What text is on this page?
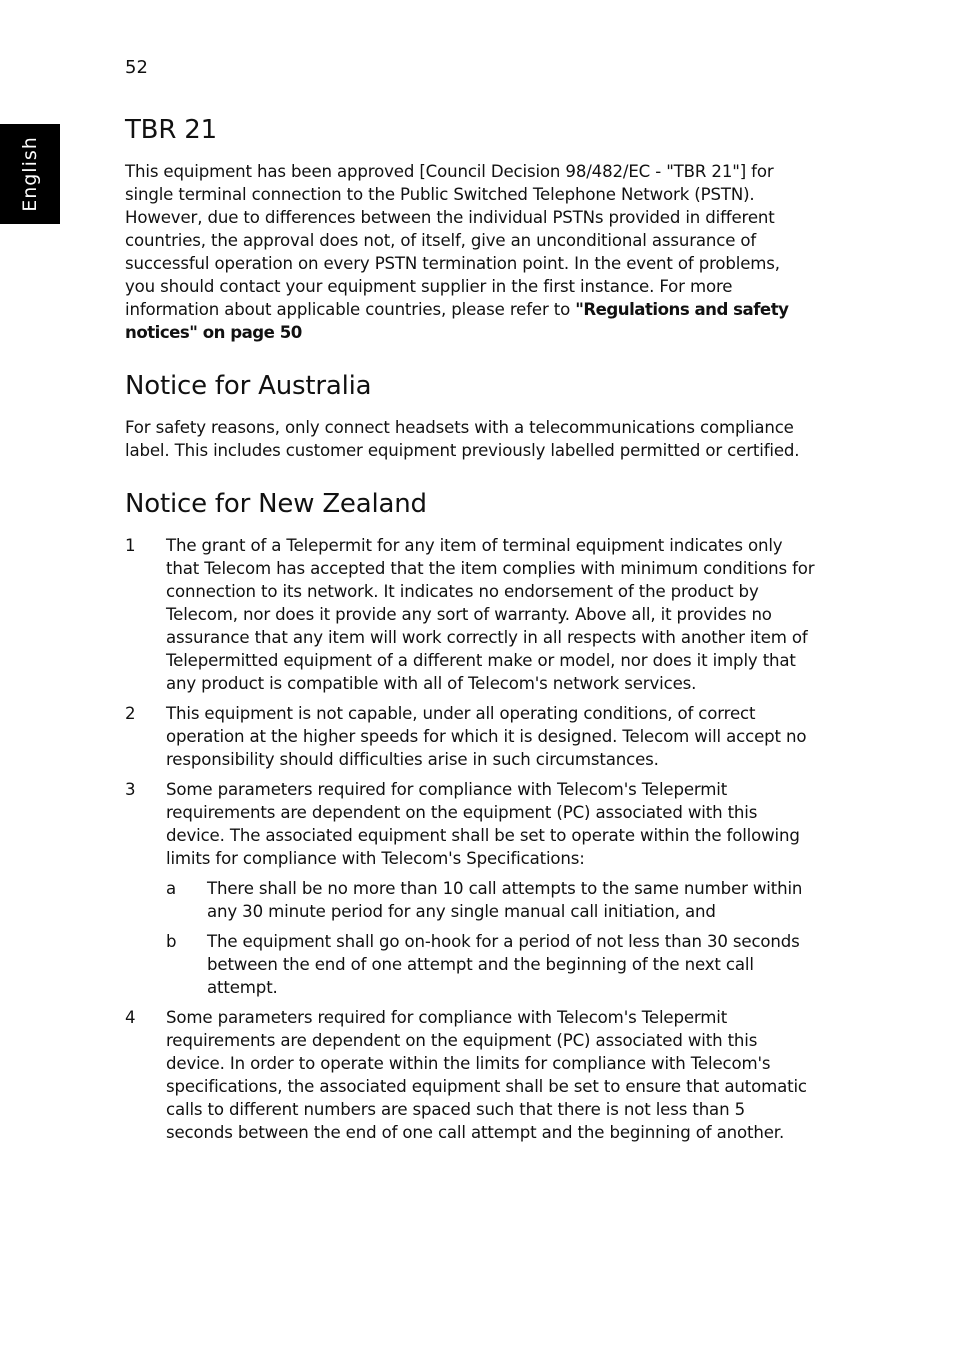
52
English
TBR 21

This equipment has been approved [Council Decision 98/482/EC - "TBR 21"] for single terminal connection to the Public Switched Telephone Network (PSTN). However, due to differences between the individual PSTNs provided in different countries, the approval does not, of itself, give an unconditional assurance of successful operation on every PSTN termination point. In the event of problems, you should contact your equipment supplier in the first instance. For more information about applicable countries, please refer to "Regulations and safety notices" on page 50

Notice for Australia

For safety reasons, only connect headsets with a telecommunications compliance label. This includes customer equipment previously labelled permitted or certified.

Notice for New Zealand
1 The grant of a Telepermit for any item of terminal equipment indicates only that Telecom has accepted that the item complies with minimum conditions for connection to its network. It indicates no endorsement of the product by Telecom, nor does it provide any sort of warranty. Above all, it provides no assurance that any item will work correctly in all respects with another item of Telepermitted equipment of a different make or model, nor does it imply that any product is compatible with all of Telecom's network services.
2 This equipment is not capable, under all operating conditions, of correct operation at the higher speeds for which it is designed. Telecom will accept no responsibility should difficulties arise in such circumstances.
3 Some parameters required for compliance with Telecom's Telepermit requirements are dependent on the equipment (PC) associated with this device. The associated equipment shall be set to operate within the following limits for compliance with Telecom's Specifications:
a There shall be no more than 10 call attempts to the same number within any 30 minute period for any single manual call initiation, and
b The equipment shall go on-hook for a period of not less than 30 seconds between the end of one attempt and the beginning of the next call attempt.
4 Some parameters required for compliance with Telecom's Telepermit requirements are dependent on the equipment (PC) associated with this device. In order to operate within the limits for compliance with Telecom's specifications, the associated equipment shall be set to ensure that automatic calls to different numbers are spaced such that there is not less than 5 seconds between the end of one call attempt and the beginning of another.
